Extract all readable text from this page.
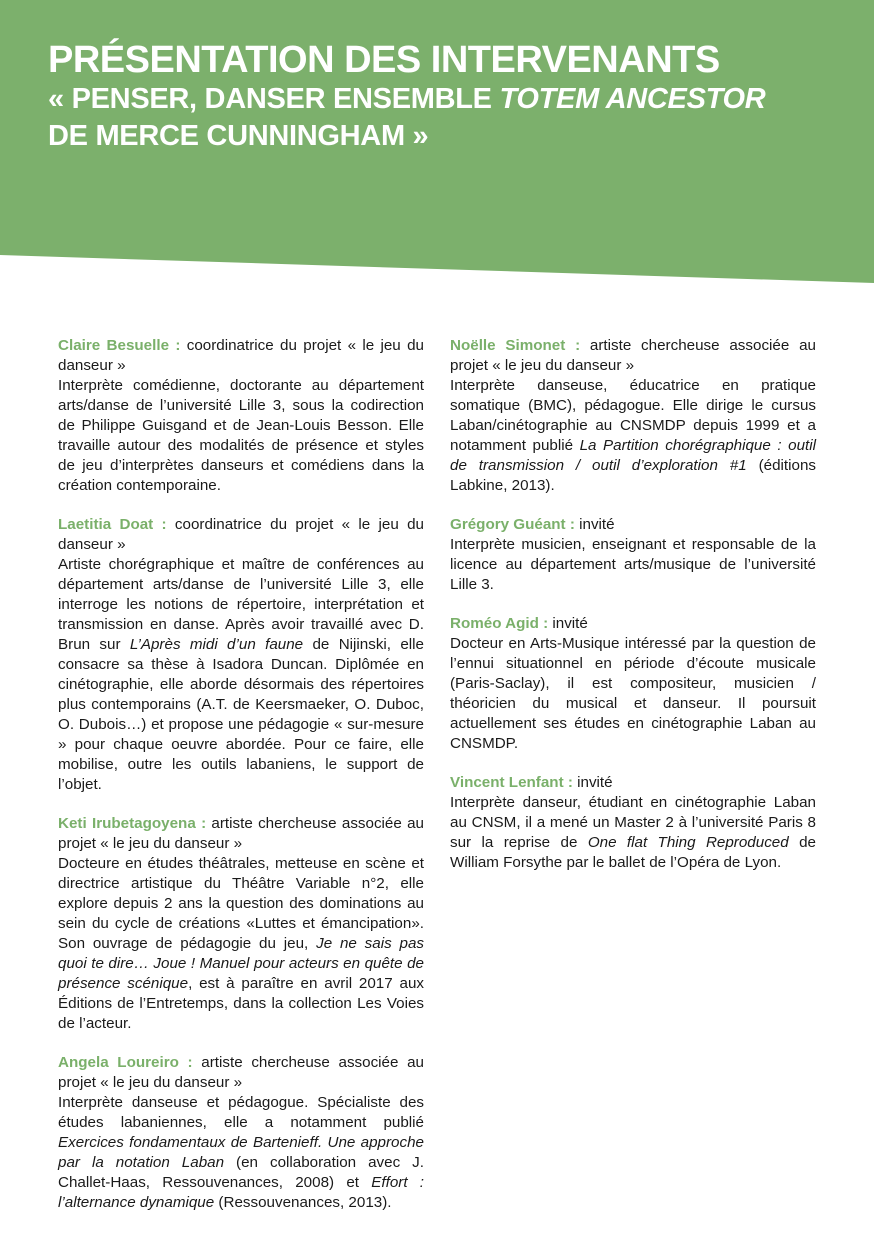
PRÉSENTATION DES INTERVENANTS
« PENSER, DANSER ENSEMBLE TOTEM ANCESTOR
DE MERCE CUNNINGHAM »

Claire Besuelle : coordinatrice du projet « le jeu du danseur »

Interprète comédienne, doctorante au département arts/danse de l’université Lille 3, sous la codirection de Philippe Guisgand et de Jean-Louis Besson. Elle travaille autour des modalités de présence et styles de jeu d’interprètes danseurs et comédiens dans la création contemporaine.

Laetitia Doat : coordinatrice du projet « le jeu du danseur »

Artiste chorégraphique et maître de conférences au département arts/danse de l’université Lille 3, elle interroge les notions de répertoire, interprétation et transmission en danse. Après avoir travaillé avec D. Brun sur L’Après midi d’un faune de Nijinski, elle consacre sa thèse à Isadora Duncan. Diplômée en cinétographie, elle aborde désormais des répertoires plus contemporains (A.T. de Keersmaeker, O. Duboc, O. Dubois…) et propose une pédagogie « sur-mesure » pour chaque oeuvre abordée. Pour ce faire, elle mobilise, outre les outils labaniens, le support de l’objet.

Keti Irubetagoyena : artiste chercheuse associée au projet « le jeu du danseur »

Docteure en études théâtrales, metteuse en scène et directrice artistique du Théâtre Variable n°2, elle explore depuis 2 ans la question des dominations au sein du cycle de créations «Luttes et émancipation». Son ouvrage de pédagogie du jeu, Je ne sais pas quoi te dire… Joue ! Manuel pour acteurs en quête de présence scénique, est à paraître en avril 2017 aux Éditions de l’Entretemps, dans la collection Les Voies de l’acteur.

Angela Loureiro : artiste chercheuse associée au projet « le jeu du danseur »

Interprète danseuse et pédagogue. Spécialiste des études labaniennes, elle a notamment publié Exercices fondamentaux de Bartenieff. Une approche par la notation Laban (en collaboration avec J. Challet-Haas, Ressouvenances, 2008) et Effort : l’alternance dynamique (Ressouvenances, 2013).

Noëlle Simonet : artiste chercheuse associée au projet « le jeu du danseur »

Interprète danseuse, éducatrice en pratique somatique (BMC), pédagogue. Elle dirige le cursus Laban/cinétographie au CNSMDP depuis 1999 et a notamment publié La Partition chorégraphique : outil de transmission / outil d’exploration #1 (éditions Labkine, 2013).

Grégory Guéant : invité

Interprète musicien, enseignant et responsable de la licence au département arts/musique de l’université Lille 3.

Roméo Agid : invité

Docteur en Arts-Musique intéressé par la question de l’ennui situationnel en période d’écoute musicale (Paris-Saclay), il est compositeur, musicien / théoricien du musical et danseur. Il poursuit actuellement ses études en cinétographie Laban au CNSMDP.

Vincent Lenfant : invité

Interprète danseur, étudiant en cinétographie Laban au CNSM, il a mené un Master 2 à l’université Paris 8 sur la reprise de One flat Thing Reproduced de William Forsythe par le ballet de l’Opéra de Lyon.
